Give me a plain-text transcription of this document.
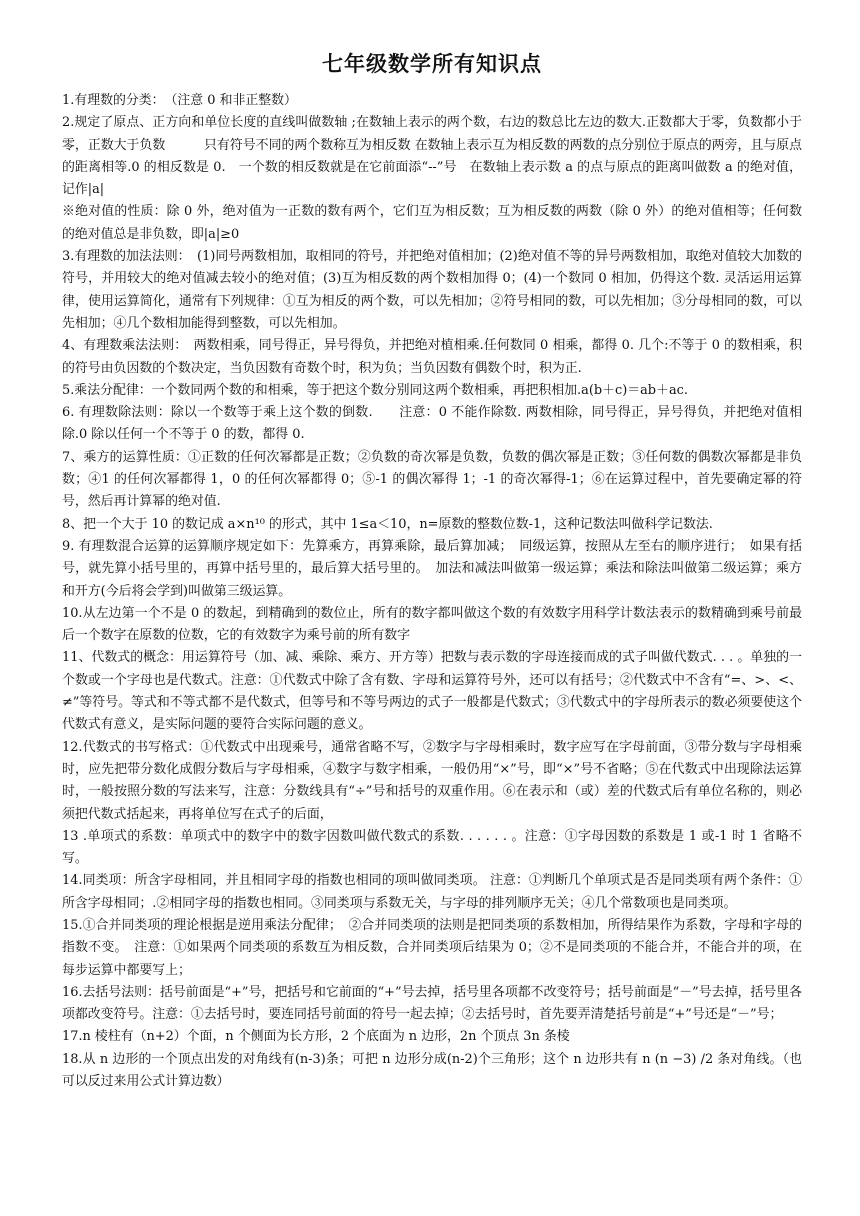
七年级数学所有知识点

1.有理数的分类：　（注意 0 和非正整数）

2.规定了原点、正方向和单位长度的直线叫做数轴 ;在数轴上表示的两个数，右边的数总比左边的数大.正数都大于零，负数都小于零，正数大于负数　　　只有符号不同的两个数称互为相反数 在数轴上表示互为相反数的两数的点分别位于原点的两旁，且与原点的距离相等.0 的相反数是 0.　一个数的相反数就是在它前面添“--”号　在数轴上表示数 a 的点与原点的距离叫做数 a 的绝对值，记作|a|

※绝对值的性质：除 0 外，绝对值为一正数的数有两个，它们互为相反数；互为相反数的两数（除 0 外）的绝对值相等；任何数的绝对值总是非负数，即|a|≥0

3.有理数的加法法则：　(1)同号两数相加，取相同的符号，并把绝对值相加；(2)绝对值不等的异号两数相加，取绝对值较大加数的符号，并用较大的绝对值减去较小的绝对值；(3)互为相反数的两个数相加得 0；(4)一个数同 0 相加，仍得这个数. 灵活运用运算律，使用运算简化，通常有下列规律：①互为相反的两个数，可以先相加；②符号相同的数，可以先相加；③分母相同的数，可以先相加；④几个数相加能得到整数，可以先相加。

4、有理数乘法法则：　两数相乘，同号得正，异号得负，并把绝对植相乘.任何数同 0 相乘，都得 0. 几个:不等于 0 的数相乘，积的符号由负因数的个数决定，当负因数有奇数个时，积为负；当负因数有偶数个时，积为正.

5.乘法分配律：一个数同两个数的和相乘，等于把这个数分别同这两个数相乘，再把积相加.a(b＋c)＝ab＋ac.

6. 有理数除法则：除以一个数等于乘上这个数的倒数.　　注意：0 不能作除数. 两数相除，同号得正，异号得负，并把绝对值相除.0 除以任何一个不等于 0 的数，都得 0.

7、乘方的运算性质：①正数的任何次幂都是正数；②负数的奇次幂是负数，负数的偶次幂是正数；③任何数的偶数次幂都是非负数；④1 的任何次幂都得 1，0 的任何次幂都得 0；⑤-1 的偶次幂得 1；-1 的奇次幂得-1；⑥在运算过程中，首先要确定幂的符号，然后再计算幂的绝对值.

8、把一个大于 10 的数记成 a×n¹⁰ 的形式，其中 1≤a＜10，n=原数的整数位数-1，这种记数法叫做科学记数法.

9. 有理数混合运算的运算顺序规定如下：先算乘方，再算乘除，最后算加减；　同级运算，按照从左至右的顺序进行；　如果有括号，就先算小括号里的，再算中括号里的，最后算大括号里的。　加法和减法叫做第一级运算；乘法和除法叫做第二级运算；乘方和开方(今后将会学到)叫做第三级运算。

10.从左边第一个不是 0 的数起，到精确到的数位止，所有的数字都叫做这个数的有效数字用科学计数法表示的数精确到乘号前最后一个数字在原数的位数，它的有效数字为乘号前的所有数字

11、代数式的概念：用运算符号（加、减、乘除、乘方、开方等）把数与表示数的字母连接而成的式子叫做代数式. . . 。单独的一个数或一个字母也是代数式。注意：①代数式中除了含有数、字母和运算符号外，还可以有括号；②代数式中不含有“=、>、<、≠”等符号。等式和不等式都不是代数式，但等号和不等号两边的式子一般都是代数式；③代数式中的字母所表示的数必须要使这个代数式有意义，是实际问题的要符合实际问题的意义。

12.代数式的书写格式：①代数式中出现乘号，通常省略不写，②数字与字母相乘时，数字应写在字母前面，③带分数与字母相乘时，应先把带分数化成假分数后与字母相乘，④数字与数字相乘，一般仍用“×”号，即“×”号不省略；⑤在代数式中出现除法运算时，一般按照分数的写法来写，注意：分数线具有“÷”号和括号的双重作用。⑥在表示和（或）差的代数式后有单位名称的，则必须把代数式括起来，再将单位写在式子的后面，

13 .单项式的系数：单项式中的数字中的数字因数叫做代数式的系数. . . . . . 。注意：①字母因数的系数是 1 或-1 时 1 省略不写。

14.同类项：所含字母相同，并且相同字母的指数也相同的项叫做同类项。 注意：①判断几个单项式是否是同类项有两个条件：①所含字母相同；.②相同字母的指数也相同。③同类项与系数无关，与字母的排列顺序无关；④几个常数项也是同类项。

15.①合并同类项的理论根据是逆用乘法分配律；　②合并同类项的法则是把同类项的系数相加，所得结果作为系数，字母和字母的指数不变。　注意：①如果两个同类项的系数互为相反数，合并同类项后结果为 0；②不是同类项的不能合并，不能合并的项，在每步运算中都要写上；

16.去括号法则：括号前面是“+”号，把括号和它前面的“+”号去掉，括号里各项都不改变符号；括号前面是“－”号去掉，括号里各项都改变符号。注意：①去括号时，要连同括号前面的符号一起去掉；②去括号时，首先要弄清楚括号前是“+”号还是“－”号；

17.n 棱柱有（n+2）个面，n 个侧面为长方形，2 个底面为 n 边形，2n 个顶点 3n 条棱

18.从 n 边形的一个顶点出发的对角线有(n-3)条；可把 n 边形分成(n-2)个三角形；这个 n 边形共有 n (n −3) /2 条对角线。（也可以反过来用公式计算边数）
